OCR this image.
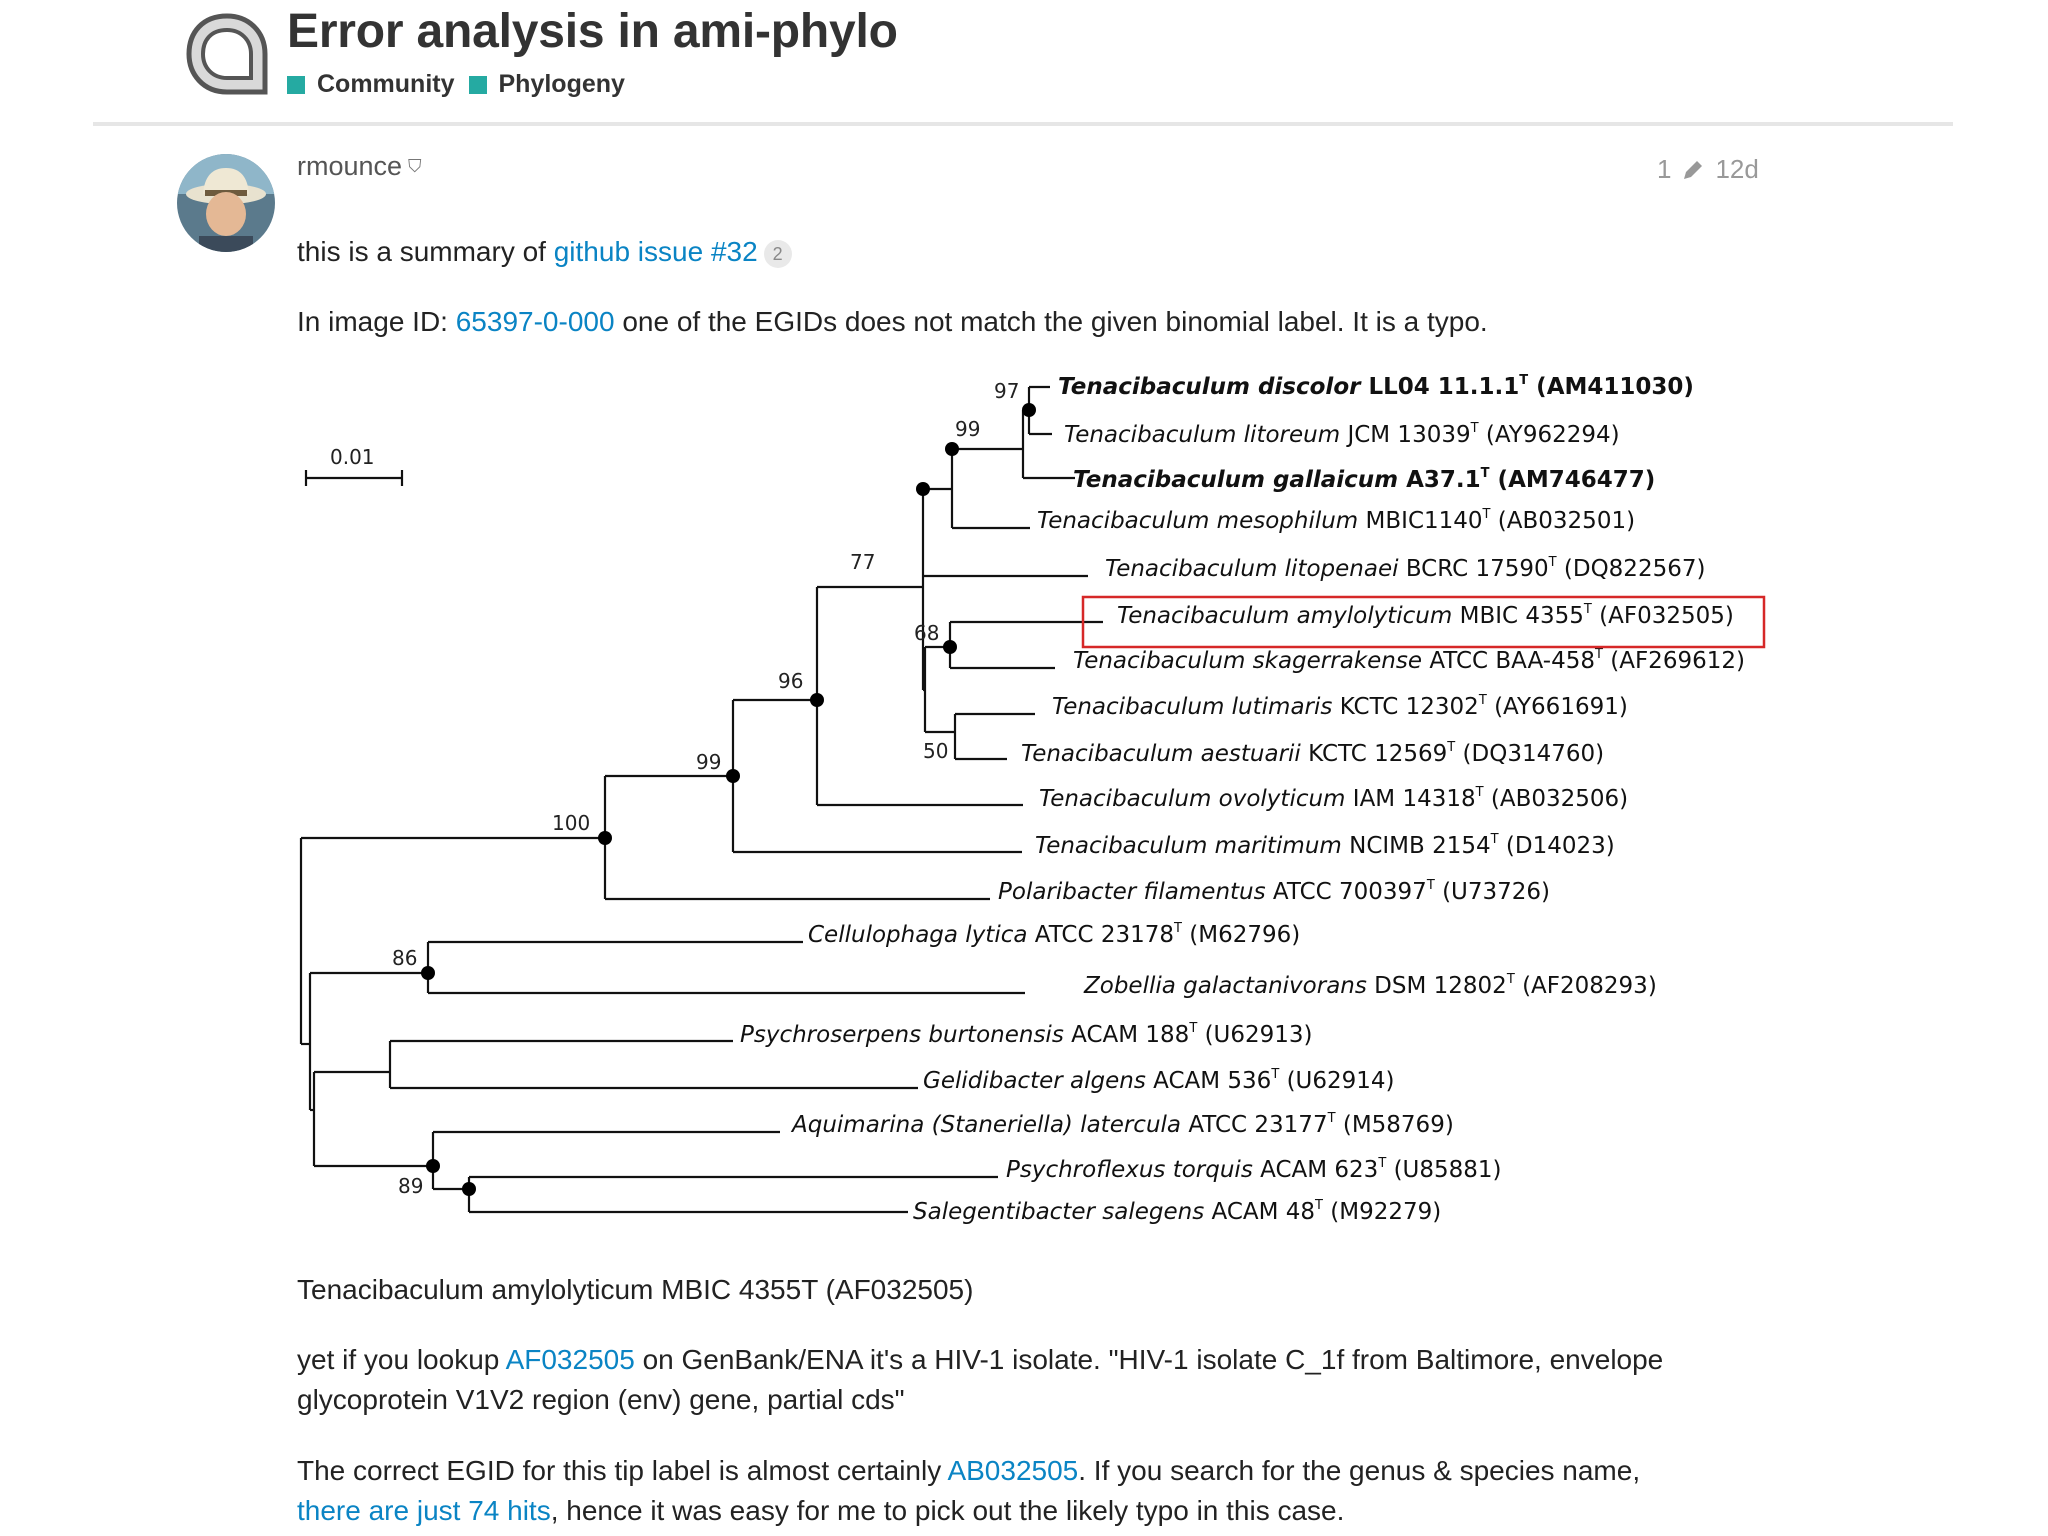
Error analysis in ami-phylo
Community Phylogeny
rmounce ⛉	1 12d

this is a summary of github issue #32 2

In image ID: 65397-0-000 one of the EGIDs does not match the given binomial label. It is a typo.

0.01
97
99
77
68
96
99	50
100
86
89
Tenacibaculum discolor LL04 $11.1.1^T$ (AM411030)
Tenacibaculum litoreum JCM $13039^T$ (AY962294)
Tenacibaculum gallaicum $A37.1^T$ (AM746477)
Tenacibaculum mesophilum $MBIC1140^T$ (AB032501)
Tenacibaculum litopenaei BCRC $17590^T$ (DQ822567)
Tenacibaculum amylolyticum MBIC $4355^T$ (AF032505)
Tenacibaculum skagerrakense ATCC BAA-$458^T$ (AF269612)
Tenacibaculum lutimaris KCTC $12302^T$ (AY661691)
Tenacibaculum aestuarii KCTC $12569^T$ (DQ314760)
Tenacibaculum ovolyticum IAM $14318^T$ (AB032506)
Tenacibaculum maritimum NCIMB $2154^T$ (D14023)
Polaribacter filamentus ATCC $700397^T$ (U73726)
Cellulophaga lytica ATCC $23178^T$ (M62796)
Zobellia galactanivorans DSM $12802^T$ (AF208293)
Psychroserpens burtonensis ACAM $188^T$ (U62913)
Gelidibacter algens ACAM $536^T$ (U62914)
Aquimarina (Staneriella) latercula ATCC $23177^T$ (M58769)
Psychroflexus torquis ACAM $623^T$ (U85881)
Salegentibacter salegens ACAM $48^T$ (M92279)

Tenacibaculum amylolyticum MBIC 4355T (AF032505)

yet if you lookup AF032505 on GenBank/ENA it's a HIV-1 isolate. "HIV-1 isolate C_1f from Baltimore, envelope
glycoprotein V1V2 region (env) gene, partial cds"

The correct EGID for this tip label is almost certainly AB032505. If you search for the genus & species name,
there are just 74 hits, hence it was easy for me to pick out the likely typo in this case.
